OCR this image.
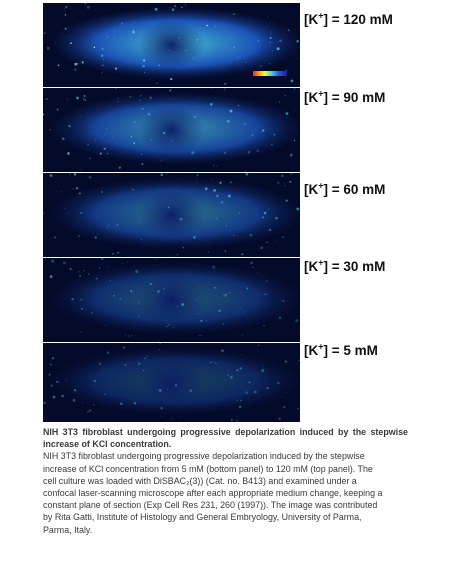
[K+] = 120 mM
[K+] = 90 mM
[K+] = 60 mM
[K+] = 30 mM
[K+] = 5 mM
NIH 3T3 fibroblast undergoing progressive depolarization induced by the stepwise increase of KCl concentration.
NIH 3T3 fibroblast undergoing progressive depolarization induced by the stepwise
increase of KCl concentration from 5 mM (bottom panel) to 120 mM (top panel). The
cell culture was loaded with DiSBAC₂(3)) (Cat. no. B413) and examined under a
confocal laser-scanning microscope after each appropriate medium change, keeping a
constant plane of section (Exp Cell Res 231, 260 (1997)). The image was contributed
by Rita Gatti, Institute of Histology and General Embryology, University of Parma,
Parma, Italy.
